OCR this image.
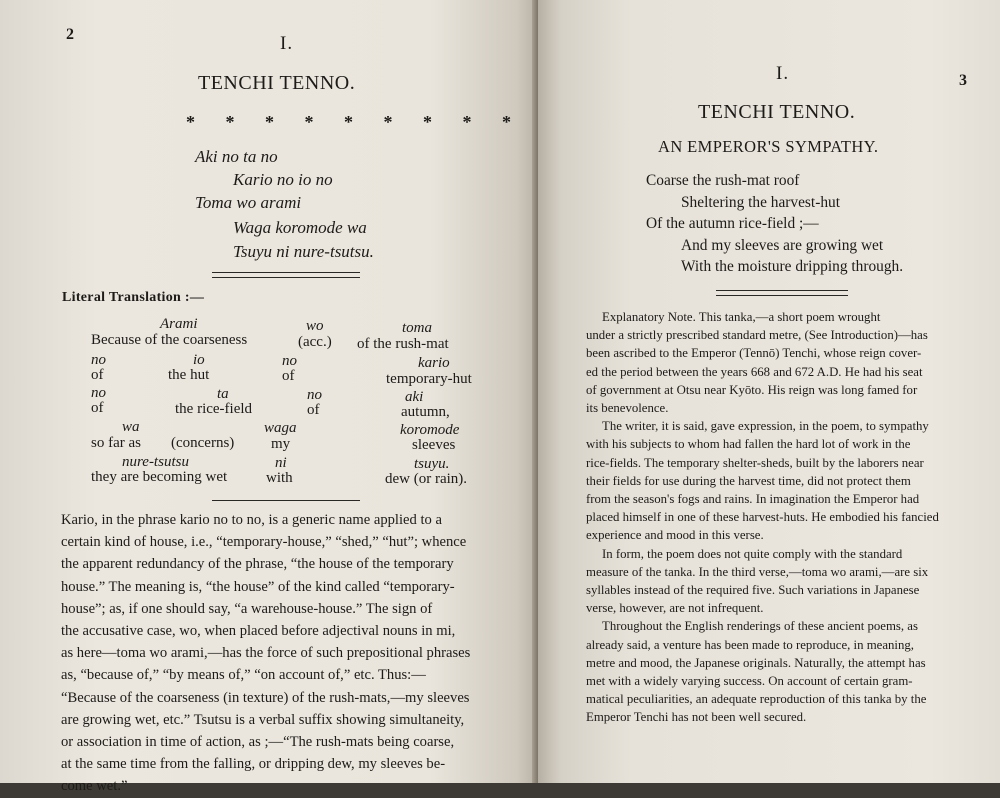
2	I.
TENCHI TENNO.
* * * * * * * * *
Aki no ta no
Kario no io no
Toma wo arami
Waga koromode wa
Tsuyu ni nure-tsutsu.
Literal Translation :—
Arami
Because of the coarseness
wo
(acc.)
toma
of the rush-mat
no
of
io
the hut
no
of
kario
temporary-hut
no
of
ta
the rice-field
no
of
aki
autumn,
wa
so far as (concerns)
waga
my
koromode
sleeves
nure-tsutsu
they are becoming wet
ni
with
tsuyu.
dew (or rain).
Kario, in the phrase kario no to no, is a generic name applied to a
certain kind of house, i.e., “temporary-house,” “shed,” “hut”; whence
the apparent redundancy of the phrase, “the house of the temporary
house.” The meaning is, “the house” of the kind called “temporary-
house”; as, if one should say, “a warehouse-house.” The sign of
the accusative case, wo, when placed before adjectival nouns in mi,
as here—toma wo arami,—has the force of such prepositional phrases
as, “because of,” “by means of,” “on account of,” etc. Thus:—
“Because of the coarseness (in texture) of the rush-mats,—my sleeves
are growing wet, etc.” Tsutsu is a verbal suffix showing simultaneity,
or association in time of action, as ;—“The rush-mats being coarse,
at the same time from the falling, or dripping dew, my sleeves be-
come wet.”
3
I.
TENCHI TENNO.
AN EMPEROR'S SYMPATHY.
Coarse the rush-mat roof
Sheltering the harvest-hut
Of the autumn rice-field ;—
And my sleeves are growing wet
With the moisture dripping through.
Explanatory Note. This tanka,—a short poem wrought
under a strictly prescribed standard metre, (See Introduction)—has
been ascribed to the Emperor (Tennō) Tenchi, whose reign cover-
ed the period between the years 668 and 672 A.D. He had his seat
of government at Otsu near Kyōto. His reign was long famed for
its benevolence.
The writer, it is said, gave expression, in the poem, to sympathy
with his subjects to whom had fallen the hard lot of work in the
rice-fields. The temporary shelter-sheds, built by the laborers near
their fields for use during the harvest time, did not protect them
from the season's fogs and rains. In imagination the Emperor had
placed himself in one of these harvest-huts. He embodied his fancied
experience and mood in this verse.
In form, the poem does not quite comply with the standard
measure of the tanka. In the third verse,—toma wo arami,—are six
syllables instead of the required five. Such variations in Japanese
verse, however, are not infrequent.
Throughout the English renderings of these ancient poems, as
already said, a venture has been made to reproduce, in meaning,
metre and mood, the Japanese originals. Naturally, the attempt has
met with a widely varying success. On account of certain gram-
matical peculiarities, an adequate reproduction of this tanka by the
Emperor Tenchi has not been well secured.
